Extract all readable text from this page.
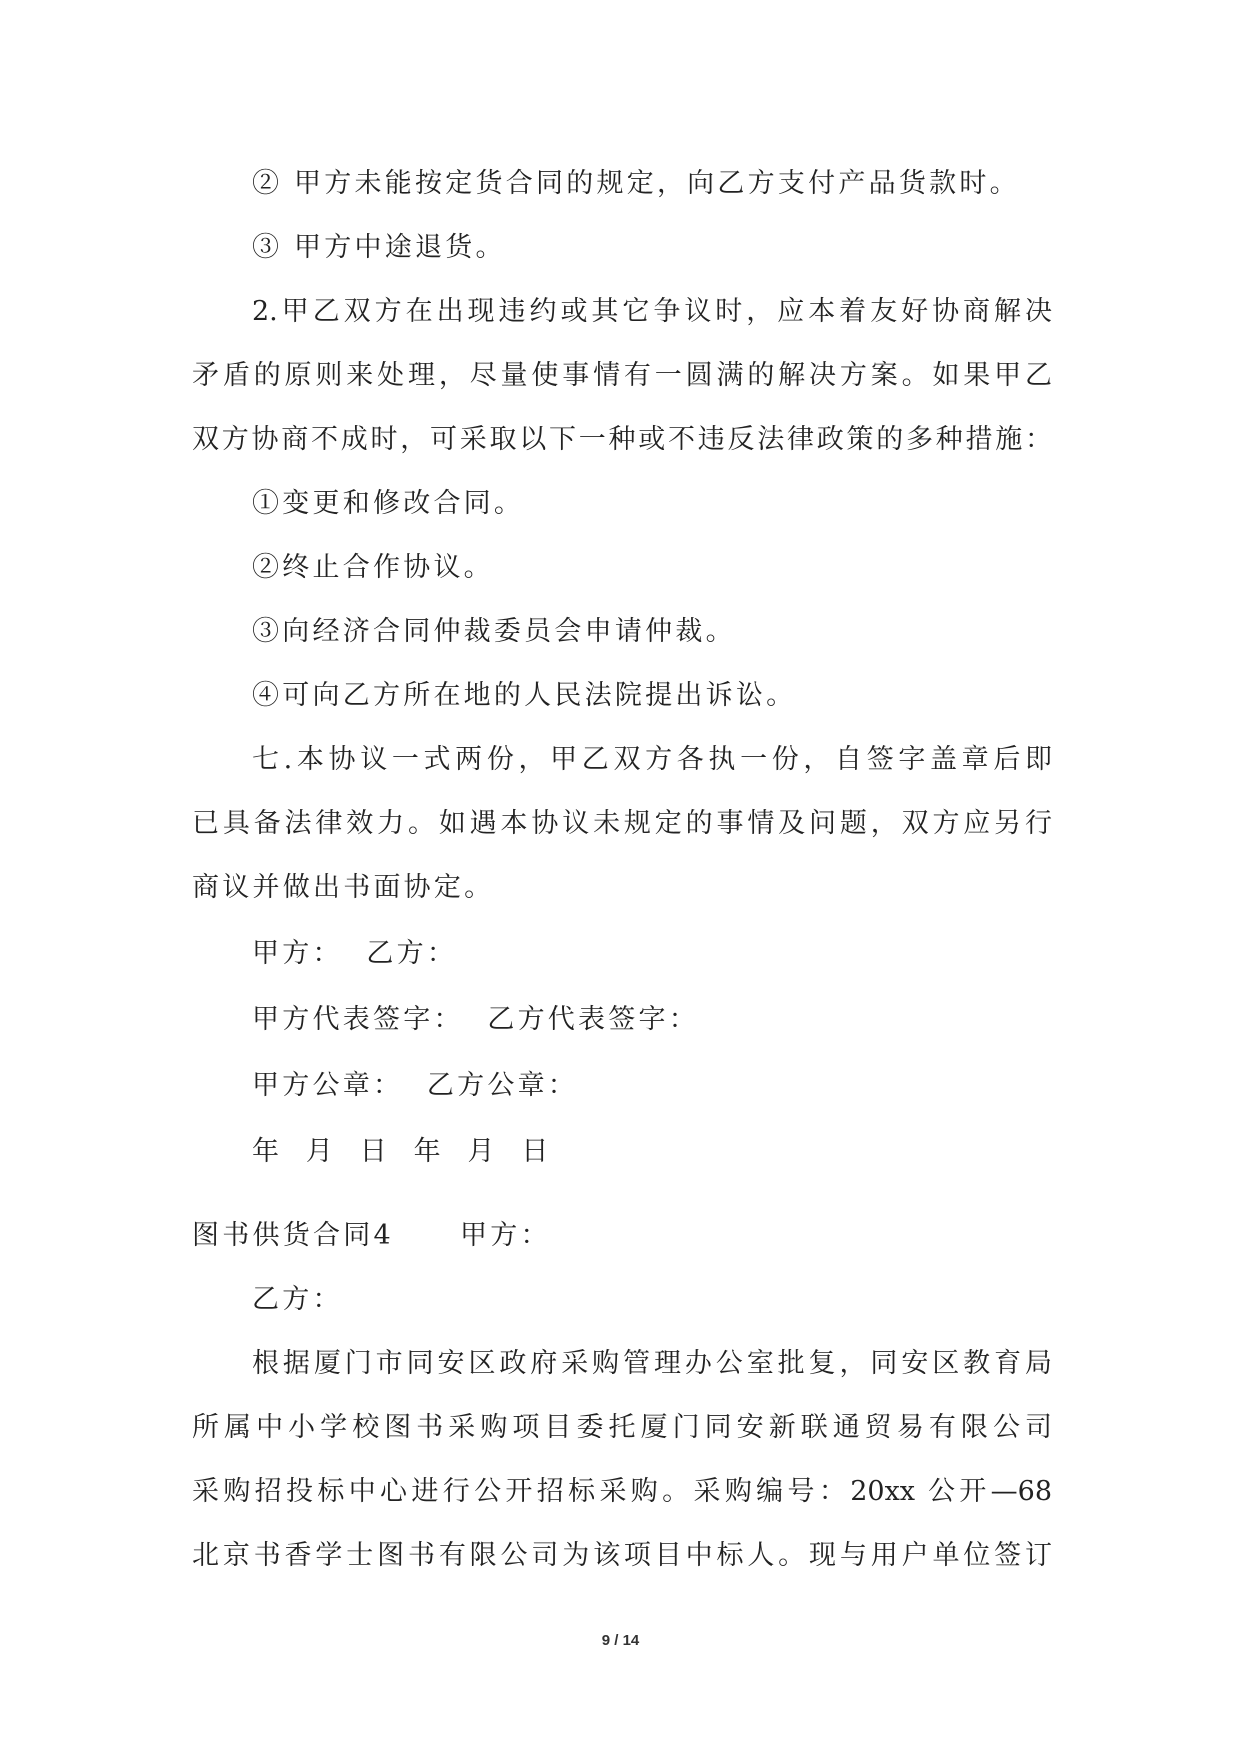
② 甲方未能按定货合同的规定，向乙方支付产品货款时。
③ 甲方中途退货。
2.甲乙双方在出现违约或其它争议时，应本着友好协商解决
矛盾的原则来处理，尽量使事情有一圆满的解决方案。如果甲乙
双方协商不成时，可采取以下一种或不违反法律政策的多种措施：
①变更和修改合同。
②终止合作协议。
③向经济合同仲裁委员会申请仲裁。
④可向乙方所在地的人民法院提出诉讼。
七.本协议一式两份，甲乙双方各执一份，自签字盖章后即
已具备法律效力。如遇本协议未规定的事情及问题，双方应另行
商议并做出书面协定。
甲方：  乙方：
甲方代表签字：  乙方代表签字：
甲方公章：  乙方公章：
年  月  日  年  月  日
图书供货合同4 甲方：
乙方：
根据厦门市同安区政府采购管理办公室批复，同安区教育局
所属中小学校图书采购项目委托厦门同安新联通贸易有限公司
采购招投标中心进行公开招标采购。采购编号：20xx 公开—68
北京书香学士图书有限公司为该项目中标人。现与用户单位签订
9 / 14
